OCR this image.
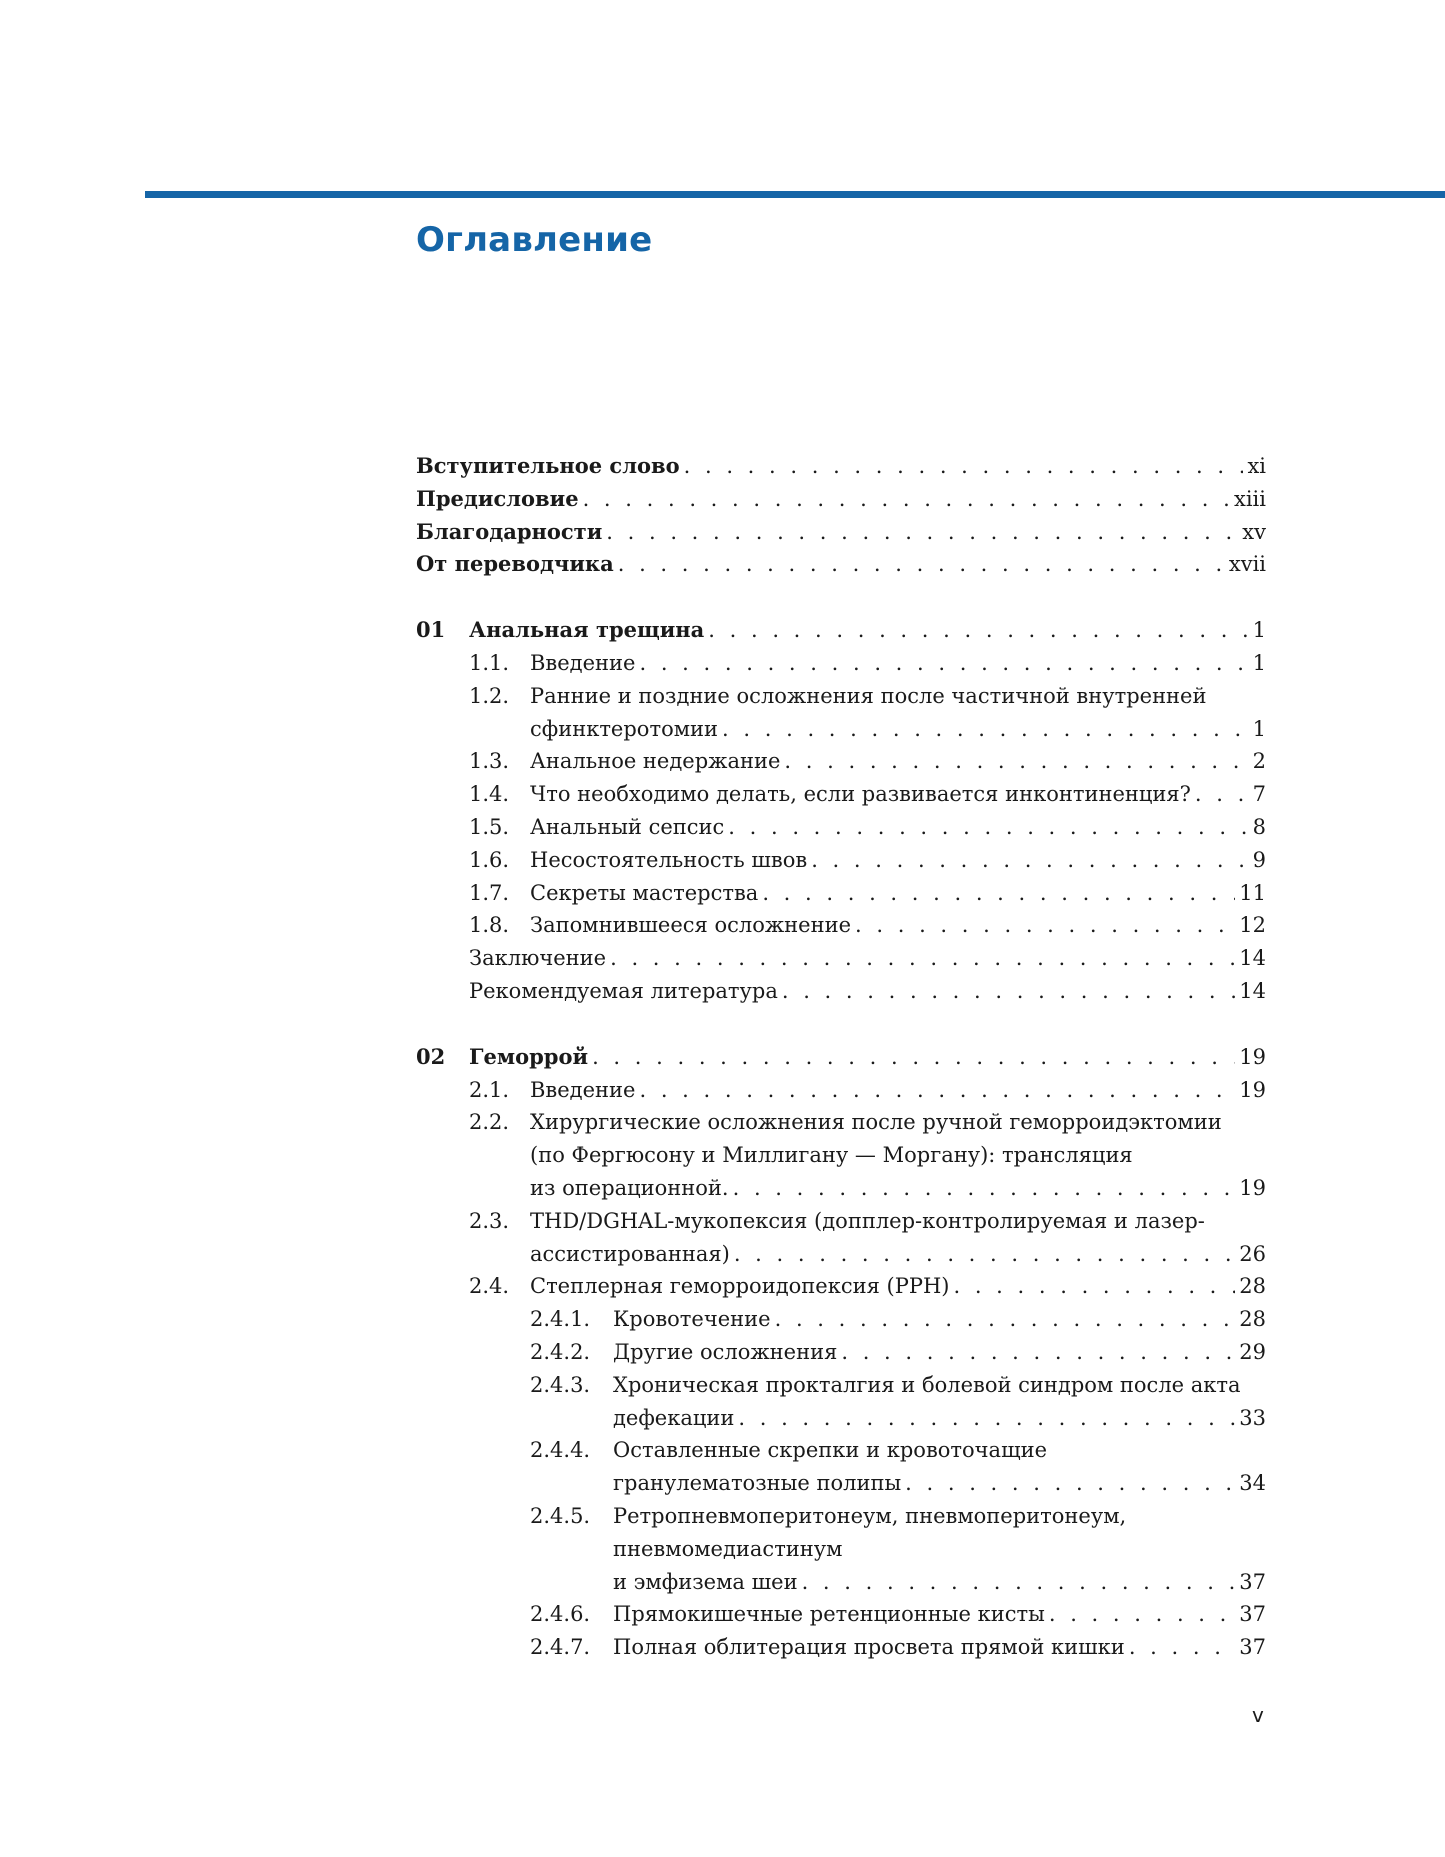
Оглавление
Вступительное слово . . .	xi
Предисловие . . .	xiii
Благодарности . . .	xv
От переводчика . . .	xvii
01	Анальная трещина . . .	1
1.1. Введение . . .	1
1.2. Ранние и поздние осложнения после частичной внутренней
сфинктеротомии . . .	1
1.3. Анальное недержание . . .	2
1.4. Что необходимо делать, если развивается инконтиненция? . . .	7
1.5. Анальный сепсис . . .	8
1.6. Несостоятельность швов . . .	9
1.7. Секреты мастерства . . .	11
1.8. Запомнившееся осложнение . . .	12
Заключение . . .	14
Рекомендуемая литература . . .	14
02	Геморрой . . .	19
2.1. Введение . . .	19
2.2. Хирургические осложнения после ручной геморроидэктомии
(по Фергюсону и Миллигану — Моргану): трансляция
из операционной. . . .	19
2.3. THD/DGHAL-мукопексия (допплер-контролируемая и лазер-
ассистированная) . . .	26
2.4. Степлерная геморроидопексия (PPH) . . .	28
2.4.1.	Кровотечение . . .	28
2.4.2.	Другие осложнения . . .	29
2.4.3.	Хроническая прокталгия и болевой синдром после акта
дефекации . . .	33
2.4.4.	Оставленные скрепки и кровоточащие
гранулематозные полипы . . .	34
2.4.5.	Ретропневмоперитонеум, пневмоперитонеум,
пневмомедиастинум
и эмфизема шеи . . .	37
2.4.6.	Прямокишечные ретенционные кисты . . .	37
2.4.7.	Полная облитерация просвета прямой кишки . . .	37
v
